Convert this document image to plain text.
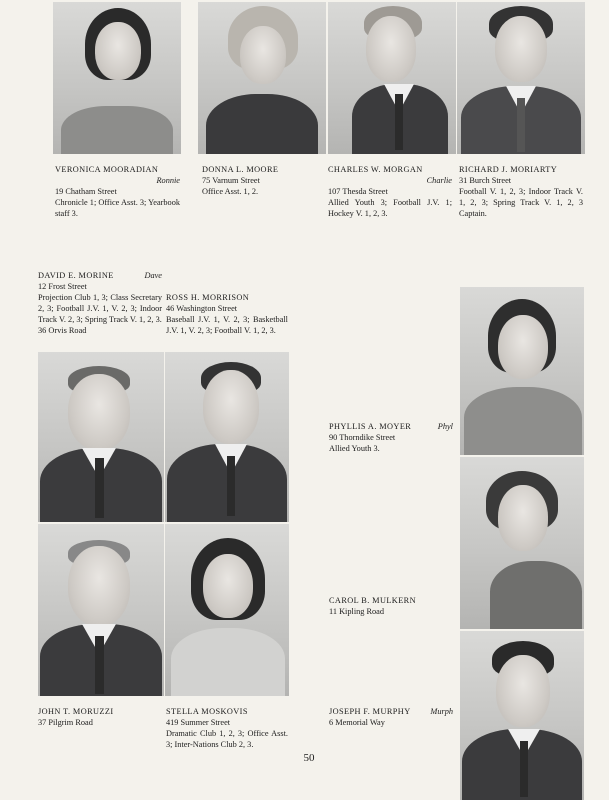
VERONICA MOORADIAN
Ronnie
19 Chatham Street
Chronicle 1; Office Asst. 3; Yearbook staff 3.
DONNA L. MOORE
75 Varnum Street
Office Asst. 1, 2.
CHARLES W. MORGAN
Charlie
107 Thesda Street
Allied Youth 3; Football J.V. 1; Hockey V. 1, 2, 3.
RICHARD J. MORIARTY
31 Burch Street
Football V. 1, 2, 3; Indoor Track V. 1, 2, 3; Spring Track V. 1, 2, 3 Captain.
DAVID E. MORINE	Dave
12 Frost Street
Projection Club 1, 3; Class Secretary 2, 3; Football J.V. 1, V. 2, 3; Indoor Track V. 2, 3; Spring Track V. 1, 2, 3.
36 Orvis Road
ROSS H. MORRISON
46 Washington Street
Baseball J.V. 1, V. 2, 3; Basketball J.V. 1, V. 2, 3; Football V. 1, 2, 3.
JOHN T. MORUZZI
37 Pilgrim Road
STELLA MOSKOVIS
419 Summer Street
Dramatic Club 1, 2, 3; Office Asst. 3; Inter-Nations Club 2, 3.
PHYLLIS A. MOYER	Phyl
90 Thorndike Street
Allied Youth 3.
CAROL B. MULKERN
11 Kipling Road
JOSEPH F. MURPHY Murph
6 Memorial Way
50
